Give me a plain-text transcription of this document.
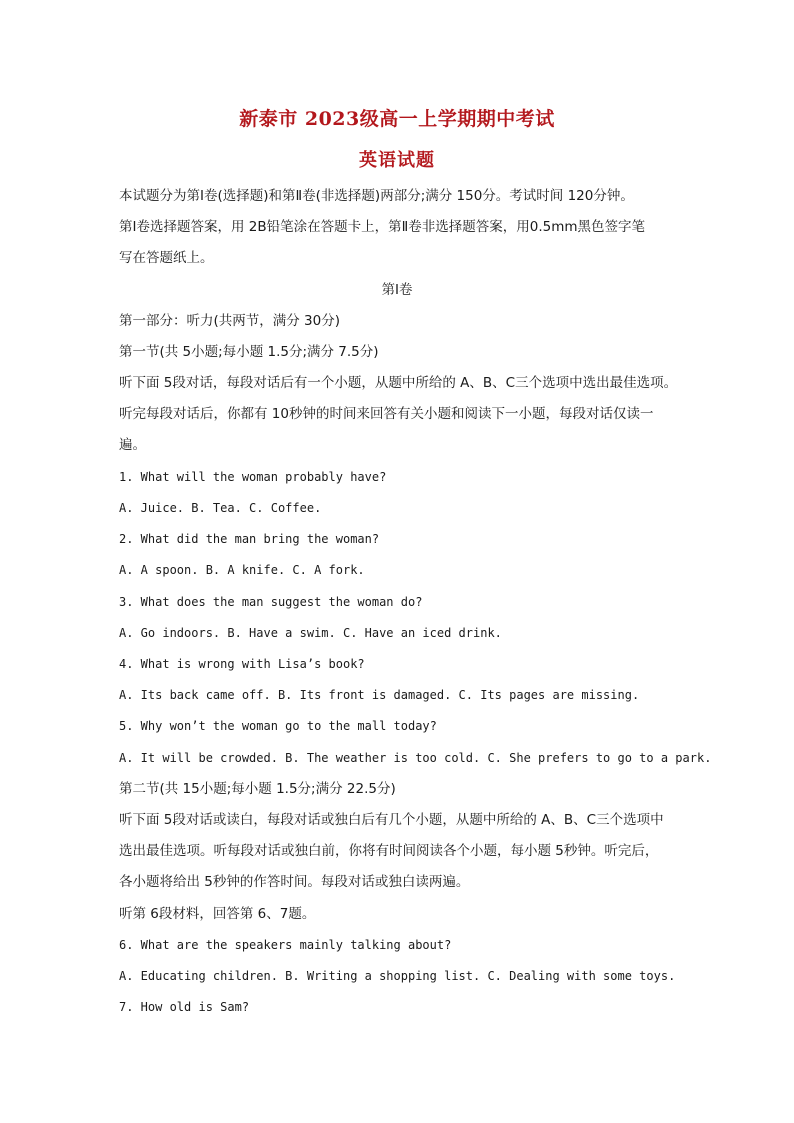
新泰市 2023级高一上学期期中考试
英语试题
本试题分为第Ⅰ卷(选择题)和第Ⅱ卷(非选择题)两部分;满分 150分。考试时间 120分钟。
第Ⅰ卷选择题答案，用 2B铅笔涂在答题卡上，第Ⅱ卷非选择题答案，用0.5mm黑色签字笔
写在答题纸上。
第Ⅰ卷
第一部分：听力(共两节，满分 30分)
第一节(共 5小题;每小题 1.5分;满分 7.5分)
听下面 5段对话，每段对话后有一个小题，从题中所给的 A、B、C三个选项中选出最佳选项。
听完每段对话后，你都有 10秒钟的时间来回答有关小题和阅读下一小题，每段对话仅读一
遍。
1. What will the woman probably have?
A. Juice. B. Tea. C. Coffee.
2. What did the man bring the woman?
A. A spoon. B. A knife. C. A fork.
3. What does the man suggest the woman do?
A. Go indoors. B. Have a swim. C. Have an iced drink.
4. What is wrong with Lisa’s book?
A. Its back came off. B. Its front is damaged. C. Its pages are missing.
5. Why won’t the woman go to the mall today?
A. It will be crowded. B. The weather is too cold. C. She prefers to go to a park.
第二节(共 15小题;每小题 1.5分;满分 22.5分)
听下面 5段对话或读白，每段对话或独白后有几个小题，从题中所给的 A、B、C三个选项中
选出最佳选项。听每段对话或独白前，你将有时间阅读各个小题，每小题 5秒钟。听完后，
各小题将给出 5秒钟的作答时间。每段对话或独白读两遍。
听第 6段材料，回答第 6、7题。
6. What are the speakers mainly talking about?
A. Educating children. B. Writing a shopping list. C. Dealing with some toys.
7. How old is Sam?
